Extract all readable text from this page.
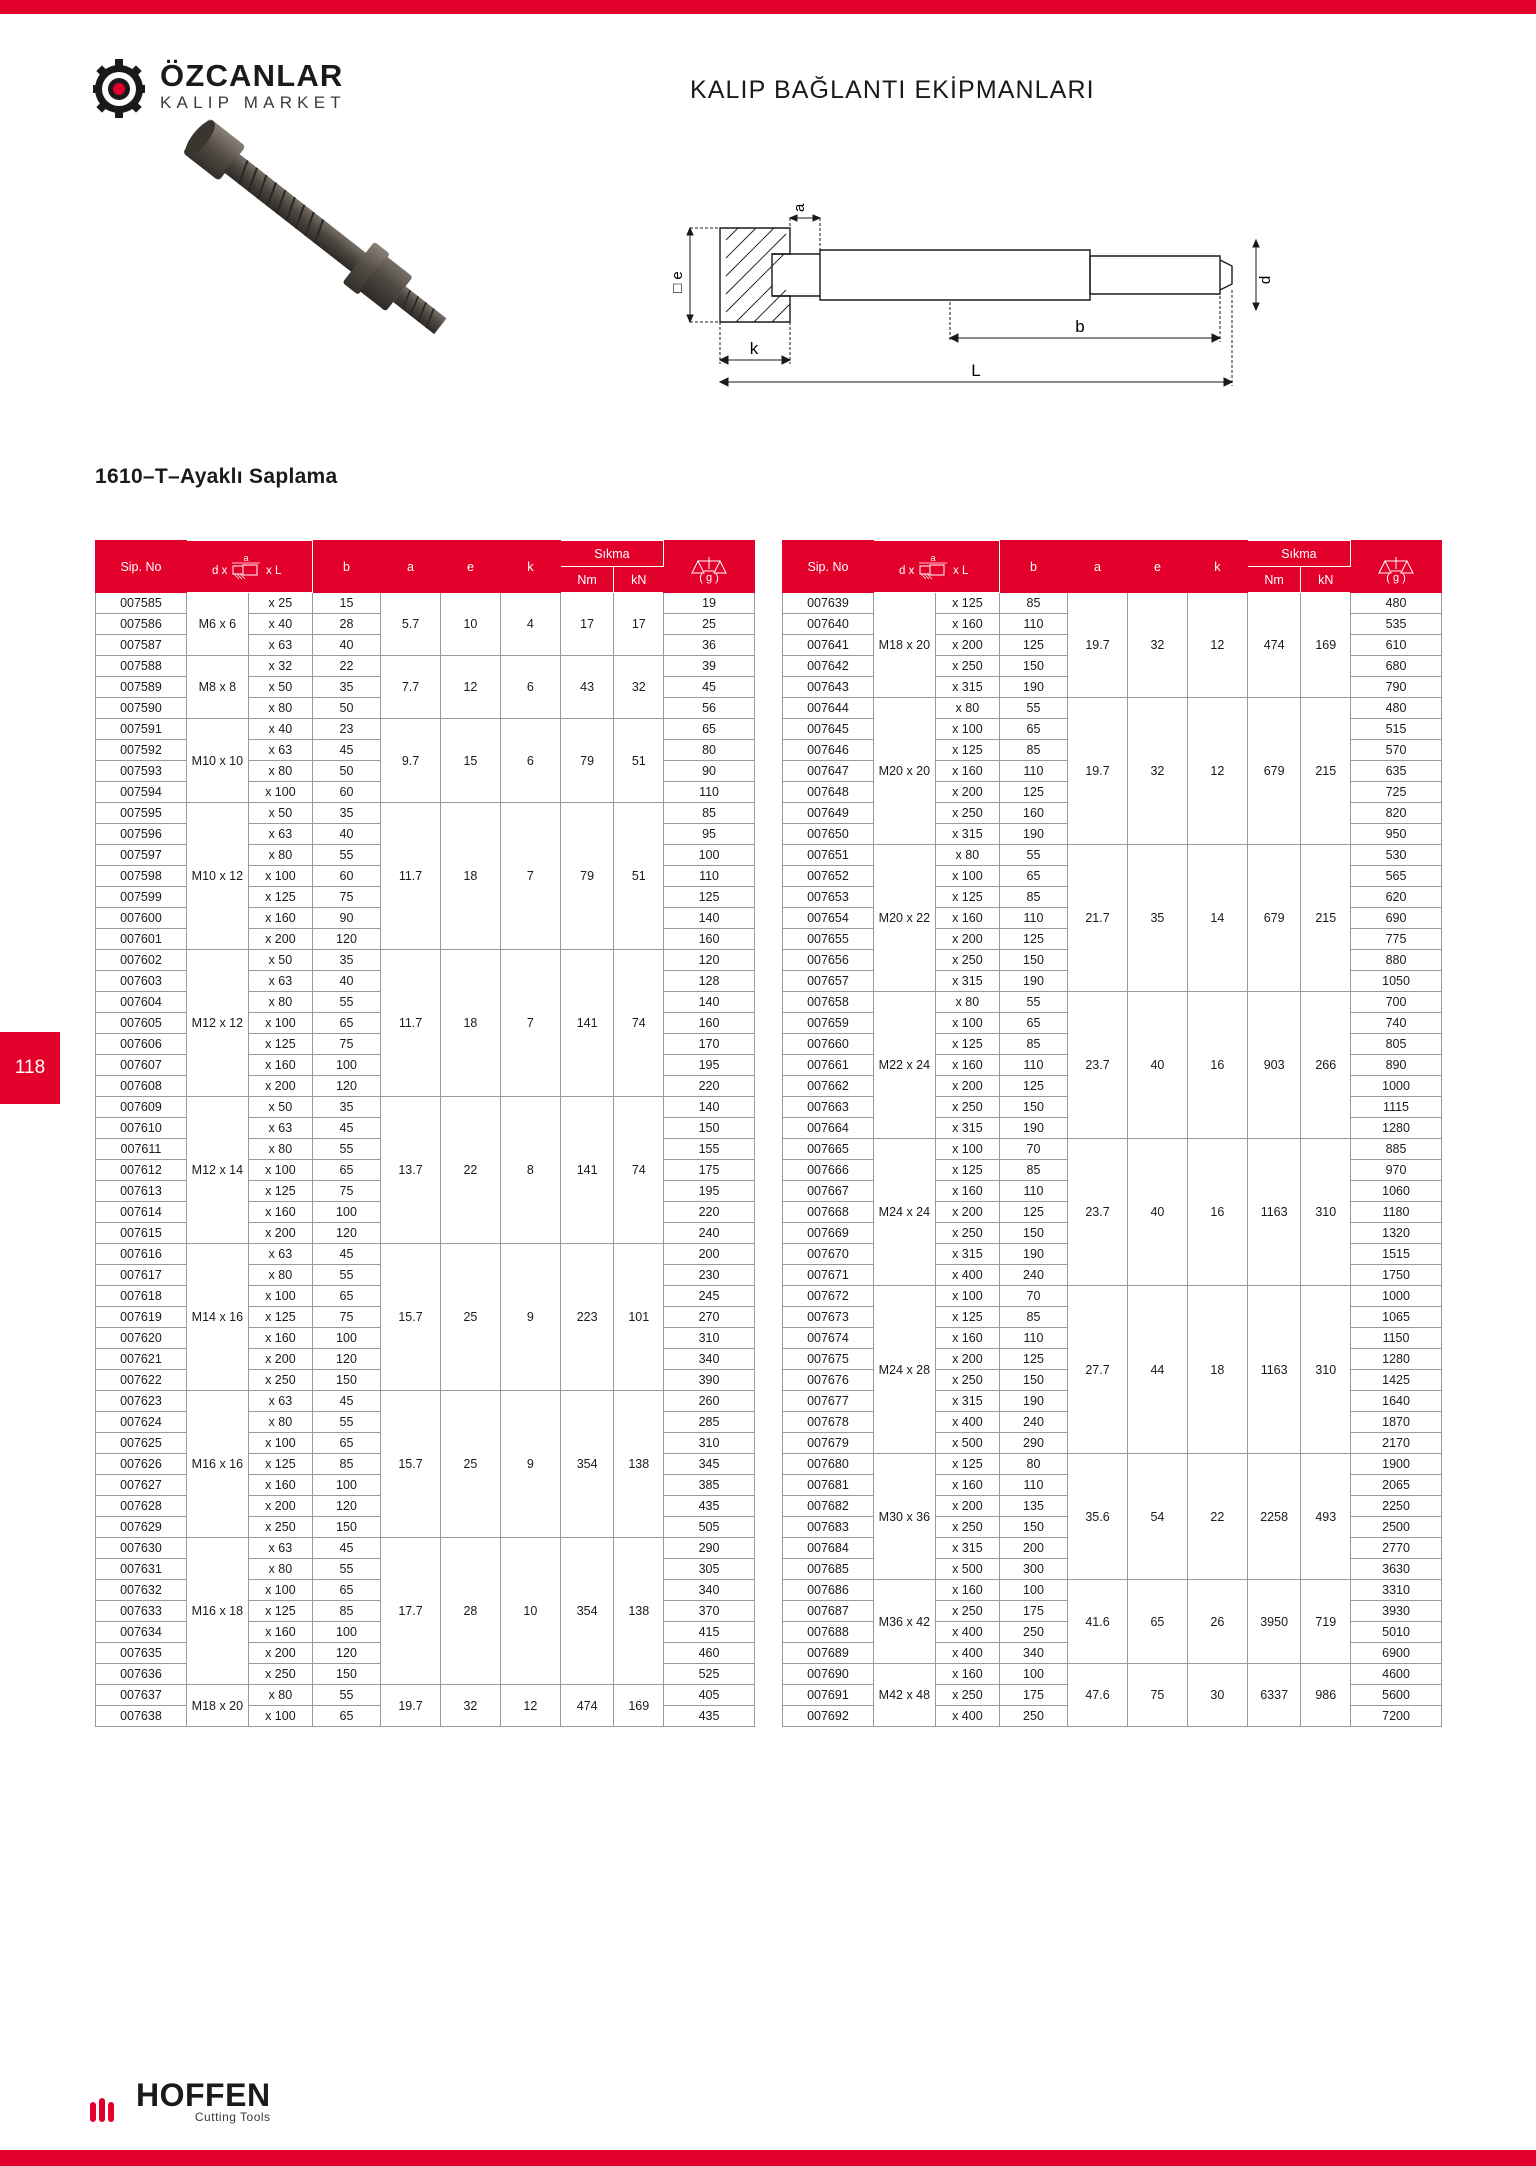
ÖZCANLAR
KALIP MARKET	KALIP BAĞLANTI EKİPMANLARI
118
□ e
a
d
b
k
L
1610–T–Ayaklı Saplama
Sip. No	d x
a
x L		b	a	e	k	Sıkma		( g )

							Nm	kN	
007585	M6 x 6	x 25	15	5.7	10	4	17	17	19
007586		x 40	28						25
007587		x 63	40						36
007588	M8 x 8	x 32	22	7.7	12	6	43	32	39
007589		x 50	35						45
007590		x 80	50						56
007591	M10 x 10	x 40	23	9.7	15	6	79	51	65
007592		x 63	45						80
007593		x 80	50						90
007594		x 100	60						110
007595	M10 x 12	x 50	35	11.7	18	7	79	51	85
007596		x 63	40						95
007597		x 80	55						100
007598		x 100	60						110
007599		x 125	75						125
007600		x 160	90						140
007601		x 200	120						160
007602	M12 x 12	x 50	35	11.7	18	7	141	74	120
007603		x 63	40						128
007604		x 80	55						140
007605		x 100	65						160
007606		x 125	75						170
007607		x 160	100						195
007608		x 200	120						220
007609	M12 x 14	x 50	35	13.7	22	8	141	74	140
007610		x 63	45						150
007611		x 80	55						155
007612		x 100	65						175
007613		x 125	75						195
007614		x 160	100						220
007615		x 200	120						240
007616	M14 x 16	x 63	45	15.7	25	9	223	101	200
007617		x 80	55						230
007618		x 100	65						245
007619		x 125	75						270
007620		x 160	100						310
007621		x 200	120						340
007622		x 250	150						390
007623	M16 x 16	x 63	45	15.7	25	9	354	138	260
007624		x 80	55						285
007625		x 100	65						310
007626		x 125	85						345
007627		x 160	100						385
007628		x 200	120						435
007629		x 250	150						505
007630	M16 x 18	x 63	45	17.7	28	10	354	138	290
007631		x 80	55						305
007632		x 100	65						340
007633		x 125	85						370
007634		x 160	100						415
007635		x 200	120						460
007636		x 250	150						525
007637	M18 x 20	x 80	55	19.7	32	12	474	169	405
007638		x 100	65						435
Sip. No	d x
a
x L		b	a	e	k	Sıkma		( g )

							Nm	kN	
007639	M18 x 20	x 125	85	19.7	32	12	474	169	480
007640		x 160	110						535
007641		x 200	125						610
007642		x 250	150						680
007643		x 315	190						790
007644	M20 x 20	x 80	55	19.7	32	12	679	215	480
007645		x 100	65						515
007646		x 125	85						570
007647		x 160	110						635
007648		x 200	125						725
007649		x 250	160						820
007650		x 315	190						950
007651	M20 x 22	x 80	55	21.7	35	14	679	215	530
007652		x 100	65						565
007653		x 125	85						620
007654		x 160	110						690
007655		x 200	125						775
007656		x 250	150						880
007657		x 315	190						1050
007658	M22 x 24	x 80	55	23.7	40	16	903	266	700
007659		x 100	65						740
007660		x 125	85						805
007661		x 160	110						890
007662		x 200	125						1000
007663		x 250	150						1115
007664		x 315	190						1280
007665	M24 x 24	x 100	70	23.7	40	16	1163	310	885
007666		x 125	85						970
007667		x 160	110						1060
007668		x 200	125						1180
007669		x 250	150						1320
007670		x 315	190						1515
007671		x 400	240						1750
007672	M24 x 28	x 100	70	27.7	44	18	1163	310	1000
007673		x 125	85						1065
007674		x 160	110						1150
007675		x 200	125						1280
007676		x 250	150						1425
007677		x 315	190						1640
007678		x 400	240						1870
007679		x 500	290						2170
007680	M30 x 36	x 125	80	35.6	54	22	2258	493	1900
007681		x 160	110						2065
007682		x 200	135						2250
007683		x 250	150						2500
007684		x 315	200						2770
007685		x 500	300						3630
007686	M36 x 42	x 160	100	41.6	65	26	3950	719	3310
007687		x 250	175						3930
007688		x 400	250						5010
007689		x 400	340						6900
007690	M42 x 48	x 160	100	47.6	75	30	6337	986	4600
007691		x 250	175						5600
007692		x 400	250						7200
HOFFEN
Cutting Tools
